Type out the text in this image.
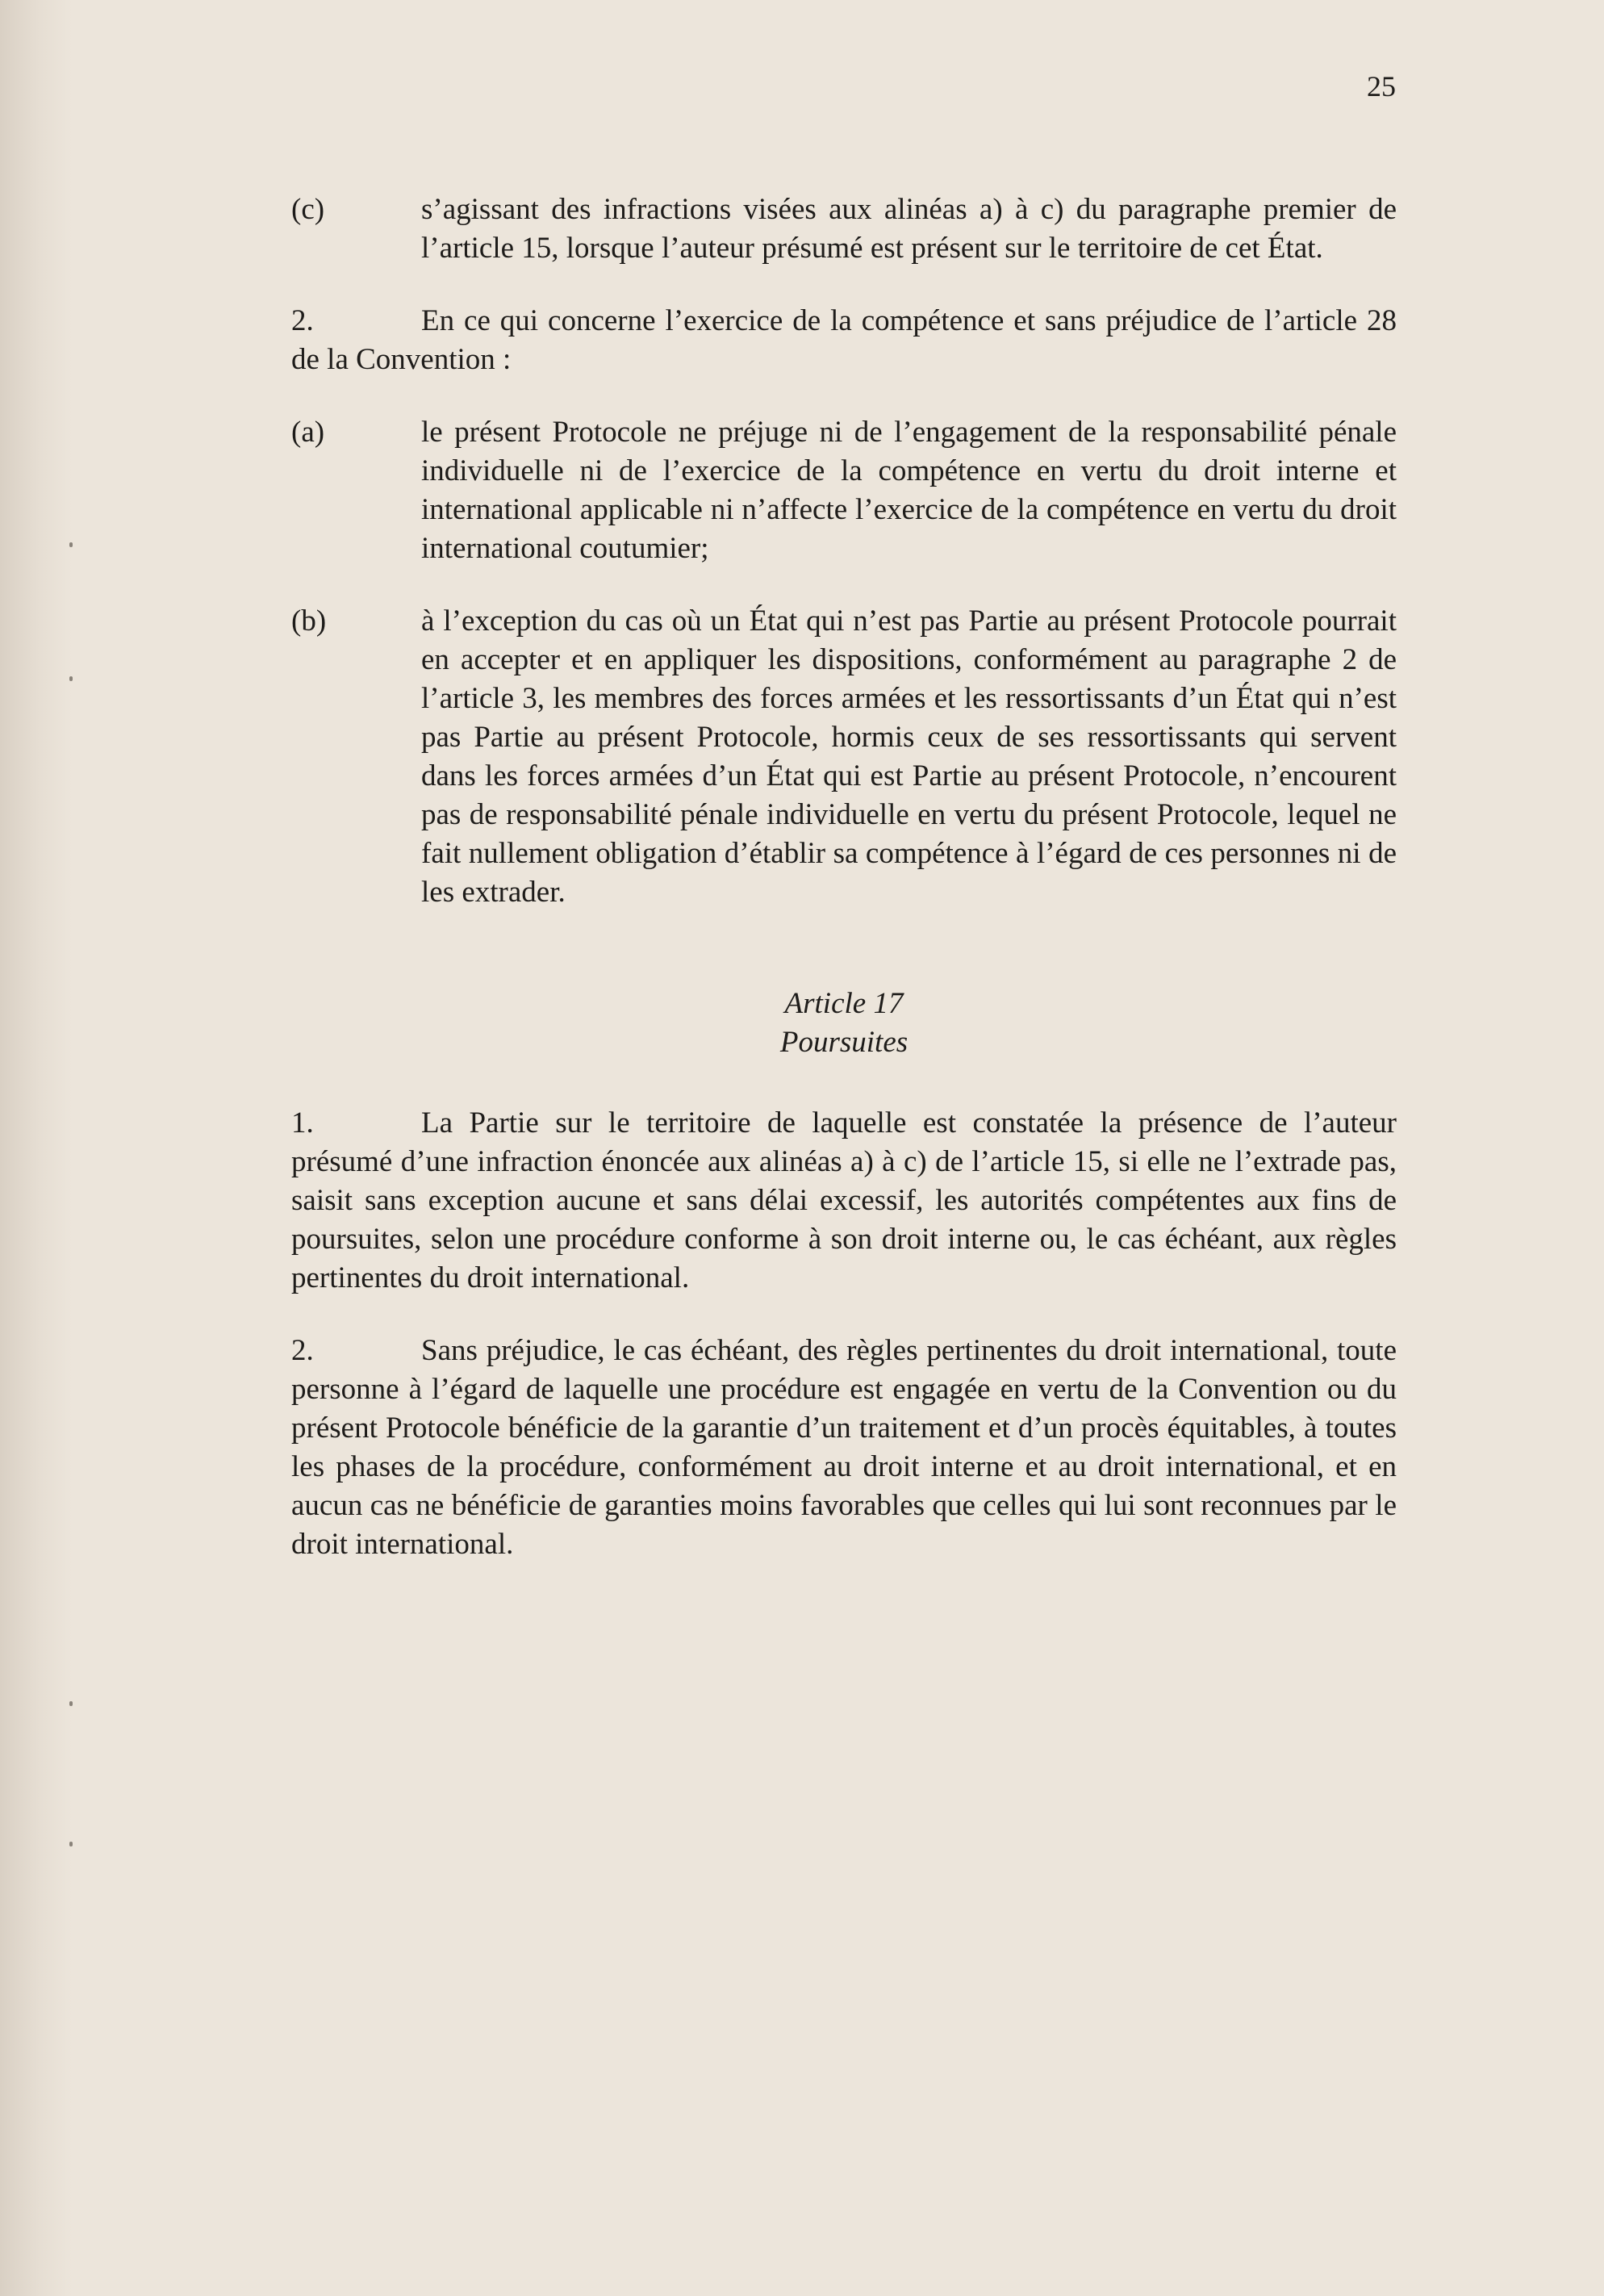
25
(c)	s’agissant des infractions visées aux alinéas a) à c) du paragraphe premier de l’article 15, lorsque l’auteur présumé est présent sur le territoire de cet État.
2.	En ce qui concerne l’exercice de la compétence et sans préjudice de l’article 28 de la Convention :
(a)	le présent Protocole ne préjuge ni de l’engagement de la responsabilité pénale individuelle ni de l’exercice de la compétence en vertu du droit interne et international applicable ni n’affecte l’exercice de la compétence en vertu du droit international coutumier;
(b)	à l’exception du cas où un État qui n’est pas Partie au présent Protocole pourrait en accepter et en appliquer les dispositions, conformément au paragraphe 2 de l’article 3, les membres des forces armées et les ressortissants d’un État qui n’est pas Partie au présent Protocole, hormis ceux de ses ressortissants qui servent dans les forces armées d’un État qui est Partie au présent Protocole, n’encourent pas de responsabilité pénale individuelle en vertu du présent Protocole, lequel ne fait nullement obligation d’établir sa compétence à l’égard de ces personnes ni de les extrader.
Article 17
Poursuites
1.	La Partie sur le territoire de laquelle est constatée la présence de l’auteur présumé d’une infraction énoncée aux alinéas a) à c) de l’article 15, si elle ne l’extrade pas, saisit sans exception aucune et sans délai excessif, les autorités compétentes aux fins de poursuites, selon une procédure conforme à son droit interne ou, le cas échéant, aux règles pertinentes du droit international.
2.	Sans préjudice, le cas échéant, des règles pertinentes du droit international, toute personne à l’égard de laquelle une procédure est engagée en vertu de la Convention ou du présent Protocole bénéficie de la garantie d’un traitement et d’un procès équitables, à toutes les phases de la procédure, conformément au droit interne et au droit international, et en aucun cas ne bénéficie de garanties moins favorables que celles qui lui sont reconnues par le droit international.
